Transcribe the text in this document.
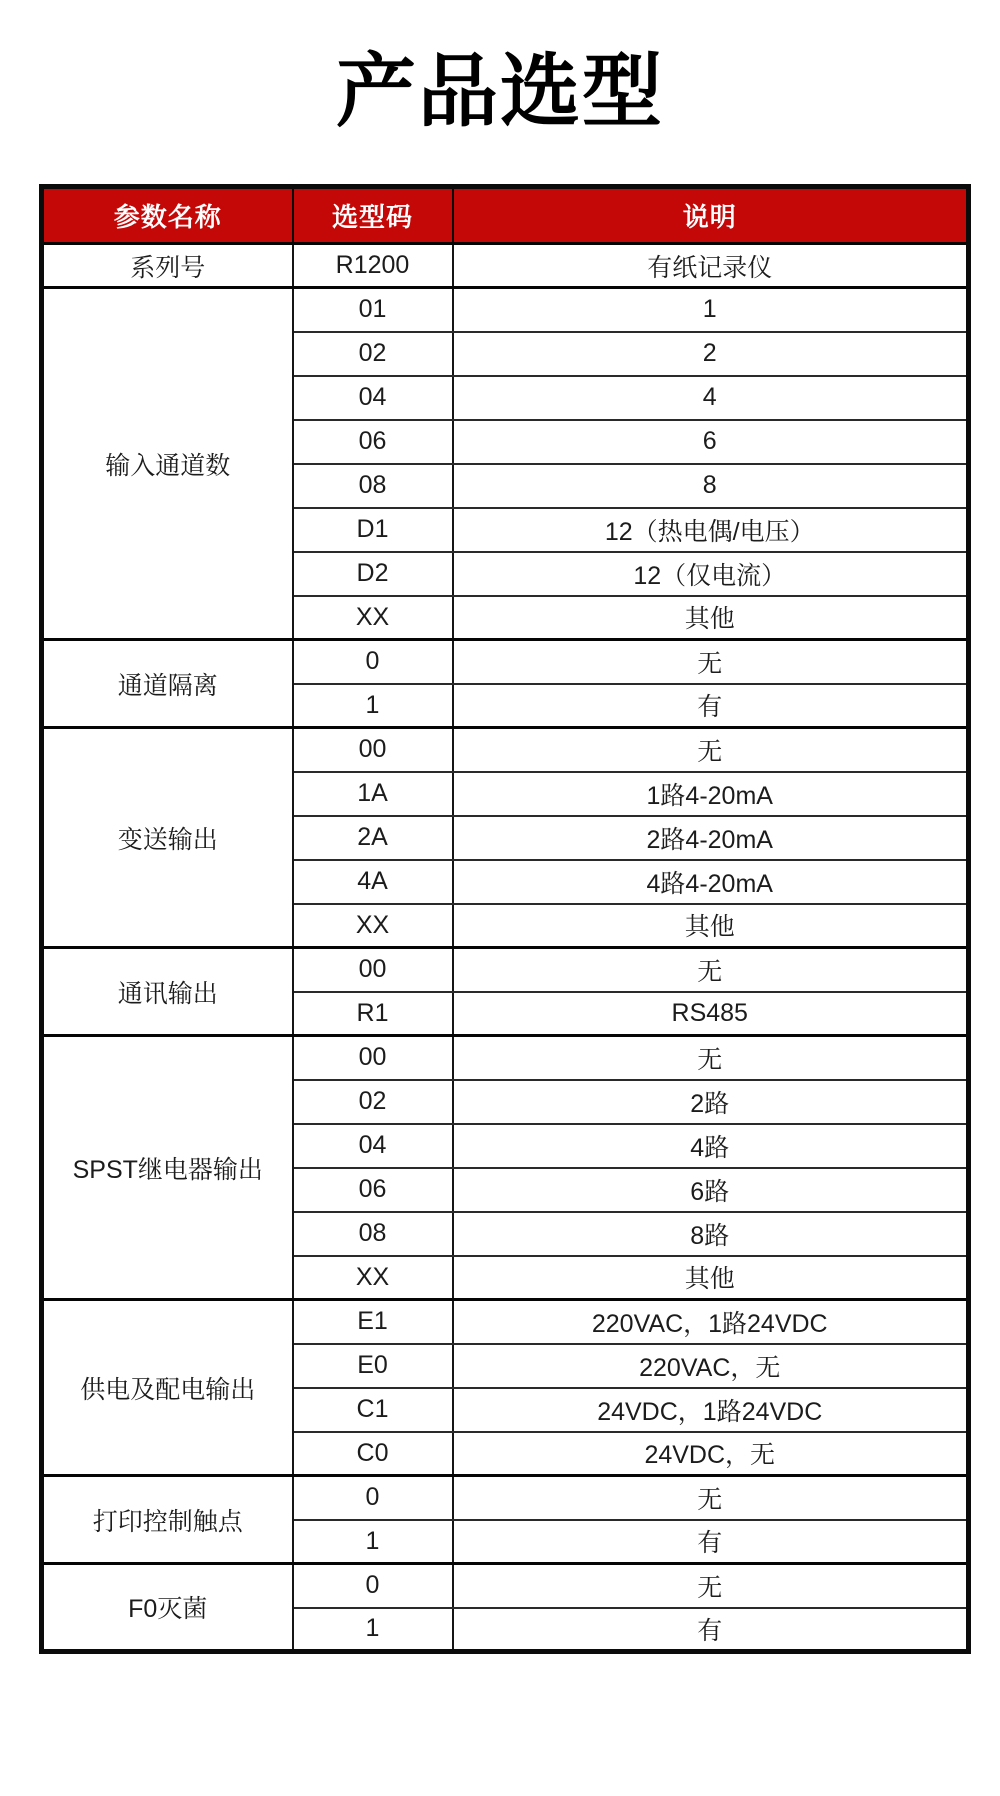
产品选型
参数名称	选型码	说明
系列号	R1200	有纸记录仪
输入通道数	01	1
	02	2
	04	4
	06	6
	08	8
	D1	12（热电偶/电压）
	D2	12（仅电流）
	XX	其他
通道隔离	0	无
	1	有
变送输出	00	无
	1A	1路4-20mA
	2A	2路4-20mA
	4A	4路4-20mA
	XX	其他
通讯输出	00	无
	R1	RS485
SPST继电器输出	00	无
	02	2路
	04	4路
	06	6路
	08	8路
	XX	其他
供电及配电输出	E1	220VAC，1路24VDC
	E0	220VAC，无
	C1	24VDC，1路24VDC
	C0	24VDC，无
打印控制触点	0	无
	1	有
F0灭菌	0	无
	1	有
